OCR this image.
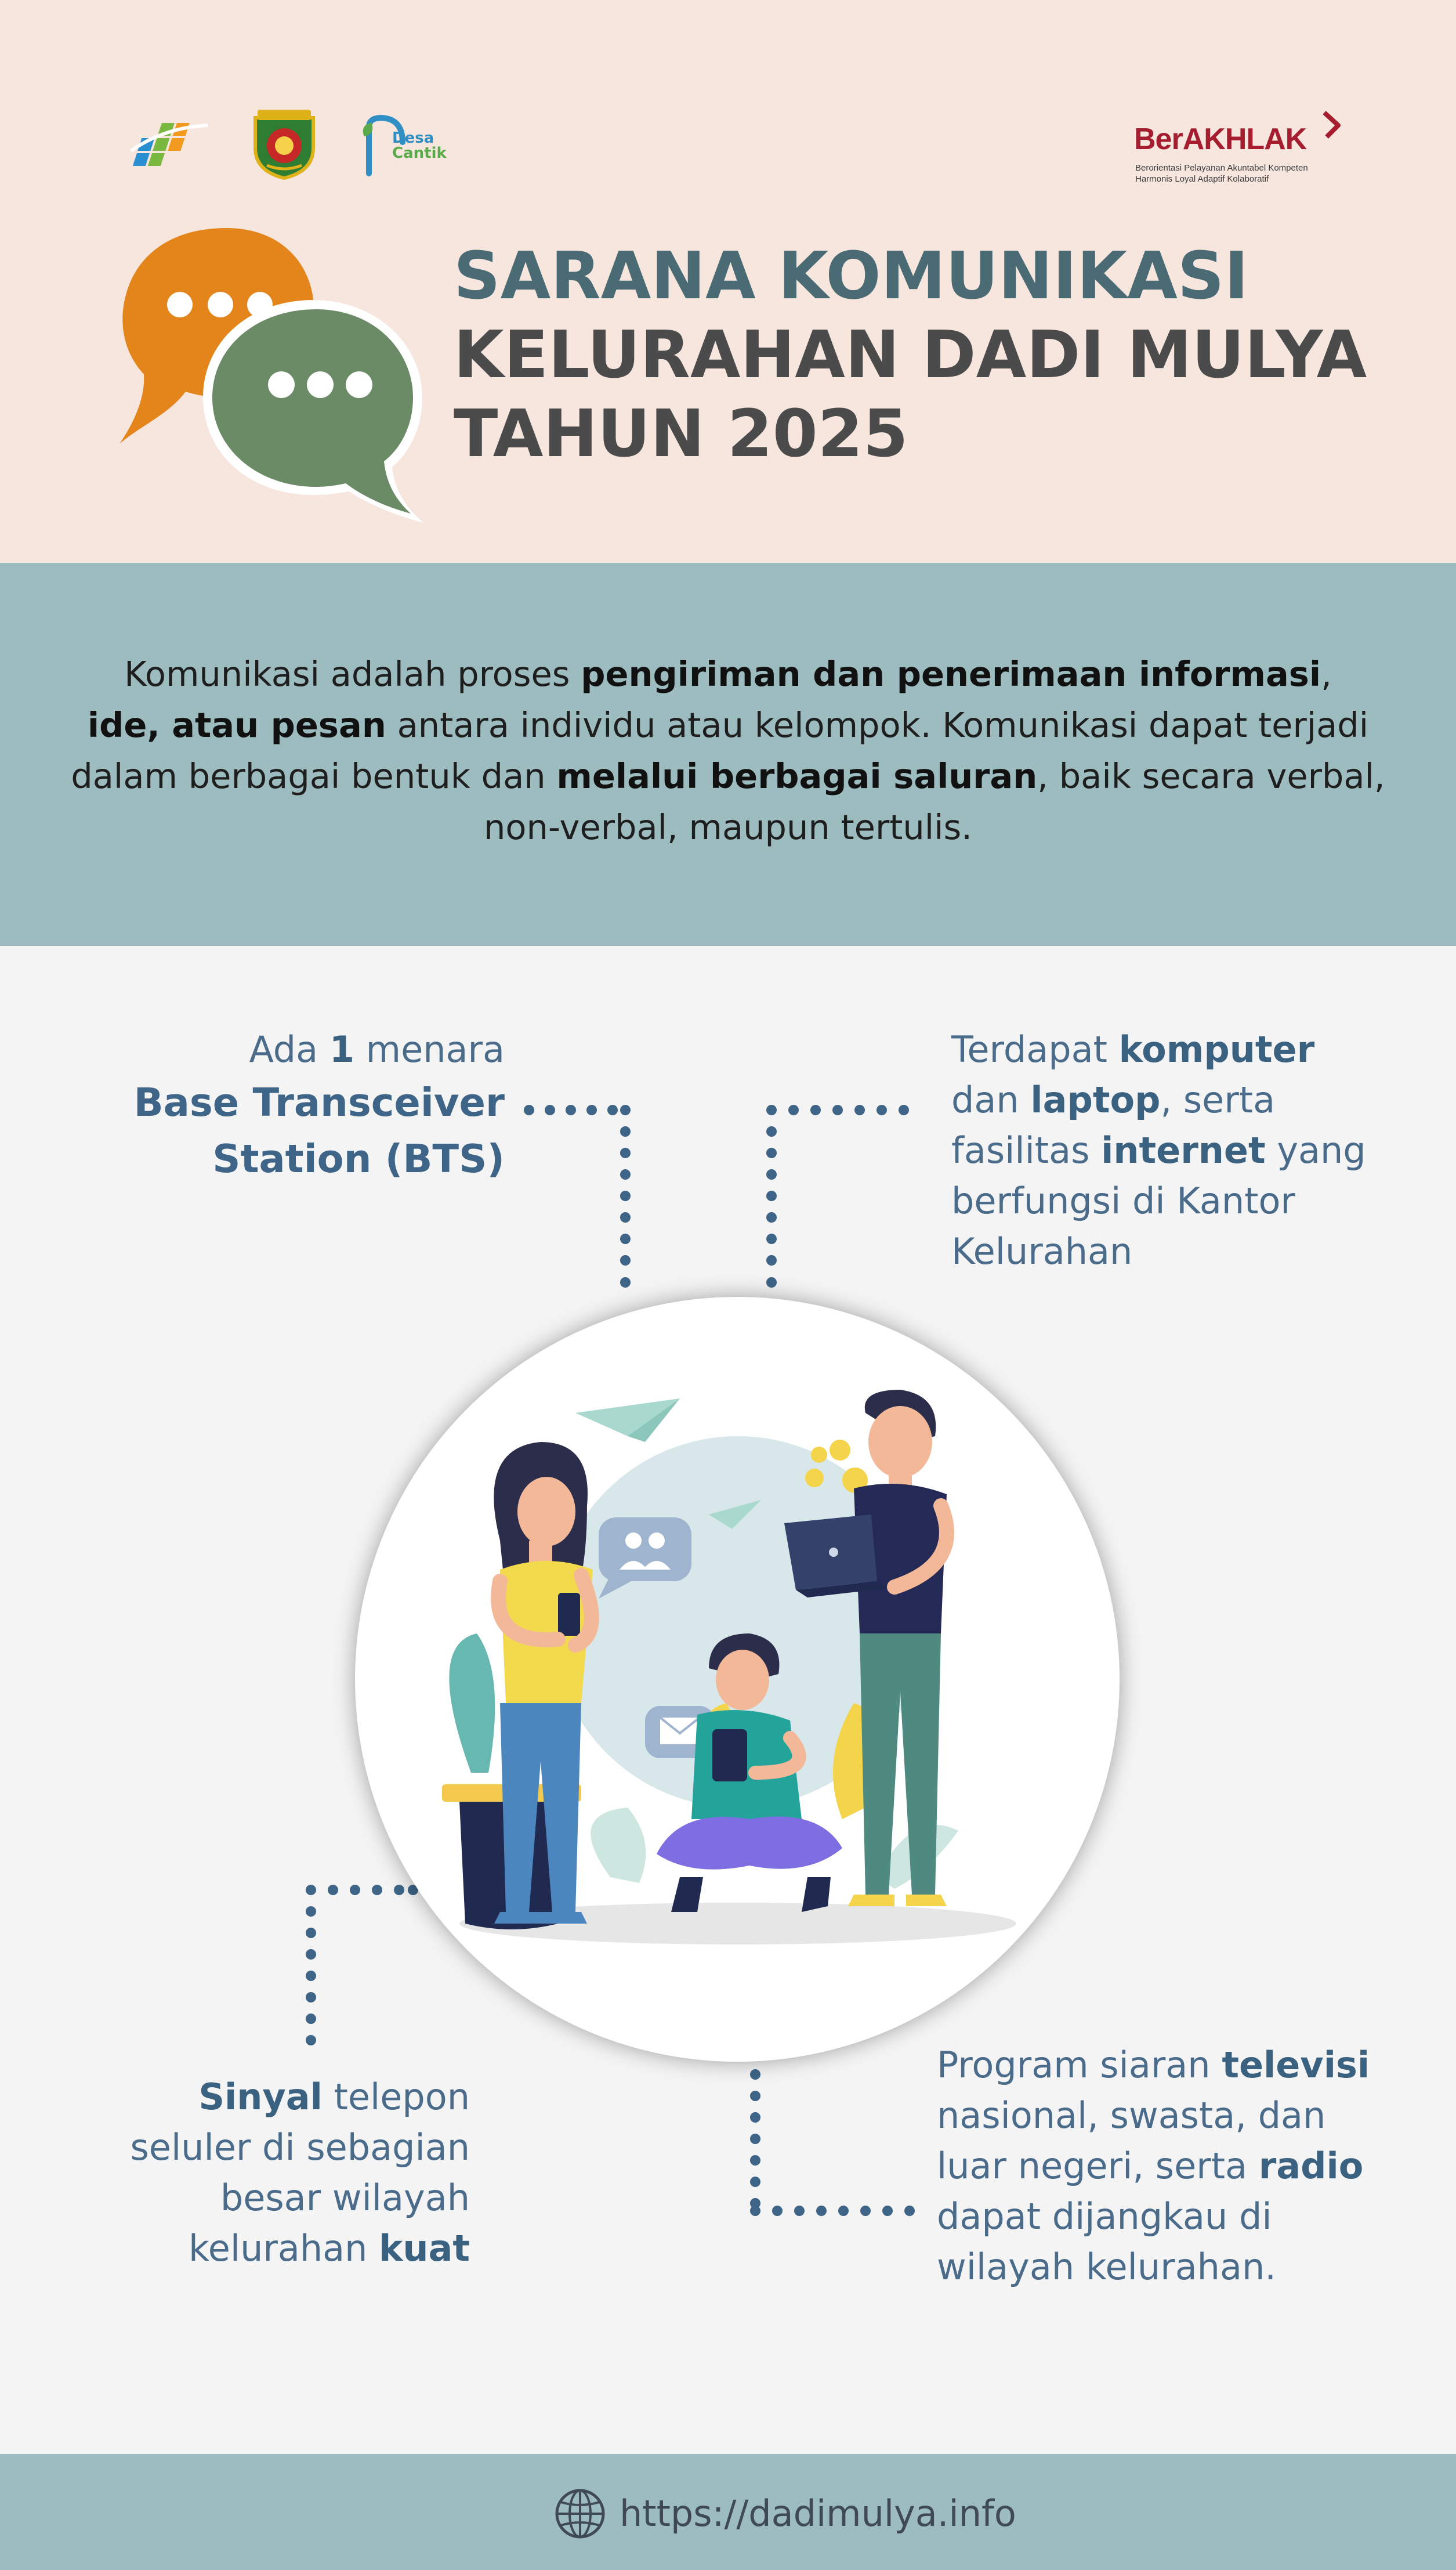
Desa
Cantik	BerAKHLAK
Berorientasi Pelayanan Akuntabel Kompeten
Harmonis Loyal Adaptif Kolaboratif
SARANA KOMUNIKASI
KELURAHAN DADI MULYA
TAHUN 2025

Komunikasi adalah proses pengiriman dan penerimaan informasi,
ide, atau pesan antara individu atau kelompok. Komunikasi dapat terjadi dalam berbagai bentuk dan melalui berbagai saluran, baik secara verbal, non-verbal, maupun tertulis.

Ada 1 menara
Base Transceiver
Station (BTS)
Terdapat komputer
dan laptop, serta
fasilitas internet yang
berfungsi di Kantor
Kelurahan
Sinyal telepon
seluler di sebagian
besar wilayah
kelurahan kuat
Program siaran televisi
nasional, swasta, dan
luar negeri, serta radio
dapat dijangkau di
wilayah kelurahan.
https://dadimulya.info
